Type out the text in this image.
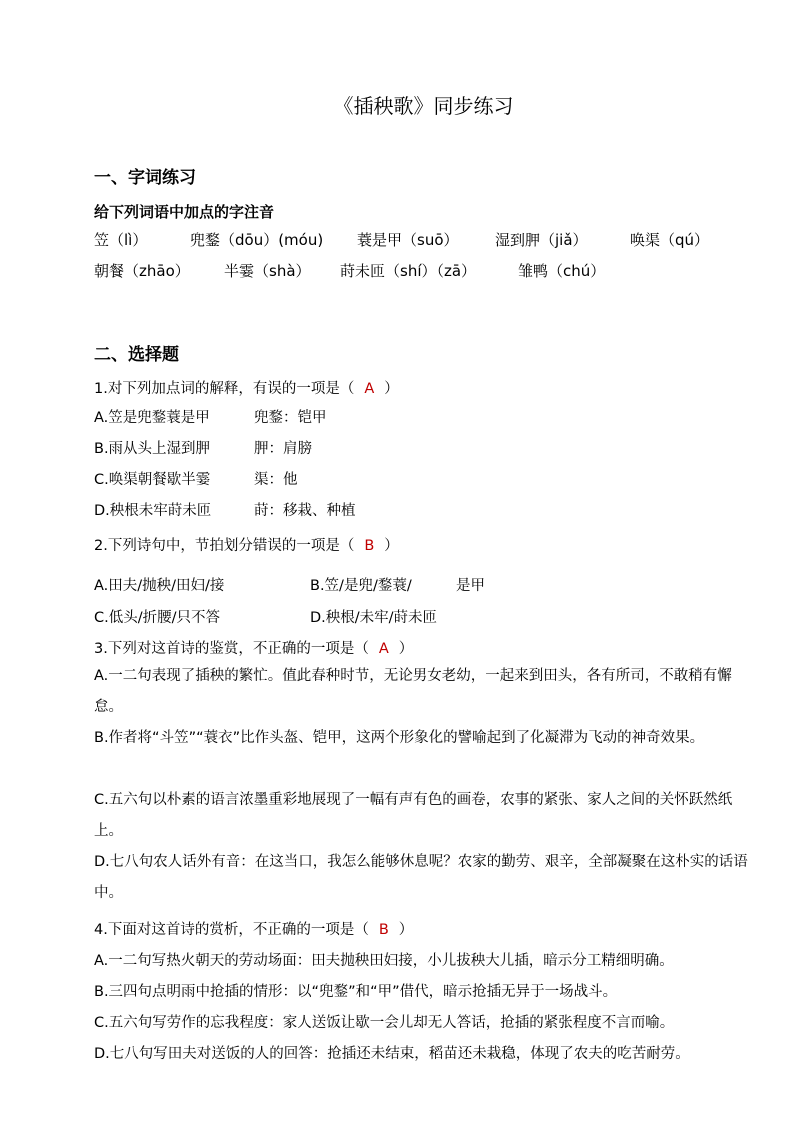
《插秧歌》同步练习
一、字词练习
给下列词语中加点的字注音
笠（lì）	兜鍪（dōu）(móu) 蓑是甲（suō） 湿到胛（jiǎ）	唤渠（qú）
朝餐（zhāo） 半霎（shà） 莳未匝（shí）（zā）	雏鸭（chú）
二、选择题
1.对下列加点词的解释，有误的一项是（ A ）
A.笠是兜鍪蓑是甲	兜鍪：铠甲
B.雨从头上湿到胛	胛：肩膀
C.唤渠朝餐歇半霎	渠：他
D.秧根未牢莳未匝	莳：移栽、种植
2.下列诗句中，节拍划分错误的一项是（ B ）
A.田夫/抛秧/田妇/接	B.笠/是兜/鍪蓑/	是甲
C.低头/折腰/只不答	D.秧根/未牢/莳未匝
3.下列对这首诗的鉴赏，不正确的一项是（ A ）
A.一二句表现了插秧的繁忙。值此春种时节，无论男女老幼，一起来到田头，各有所司，不敢稍有懈怠。
B.作者将“斗笠”“蓑衣”比作头盔、铠甲，这两个形象化的譬喻起到了化凝滞为飞动的神奇效果。
C.五六句以朴素的语言浓墨重彩地展现了一幅有声有色的画卷，农事的紧张、家人之间的关怀跃然纸上。
D.七八句农人话外有音：在这当口，我怎么能够休息呢？农家的勤劳、艰辛，全部凝聚在这朴实的话语中。
4.下面对这首诗的赏析，不正确的一项是（ B ）
A.一二句写热火朝天的劳动场面：田夫抛秧田妇接，小儿拔秧大儿插，暗示分工精细明确。
B.三四句点明雨中抢插的情形：以“兜鍪”和“甲”借代，暗示抢插无异于一场战斗。
C.五六句写劳作的忘我程度：家人送饭让歇一会儿却无人答话，抢插的紧张程度不言而喻。
D.七八句写田夫对送饭的人的回答：抢插还未结束，稻苗还未栽稳，体现了农夫的吃苦耐劳。
